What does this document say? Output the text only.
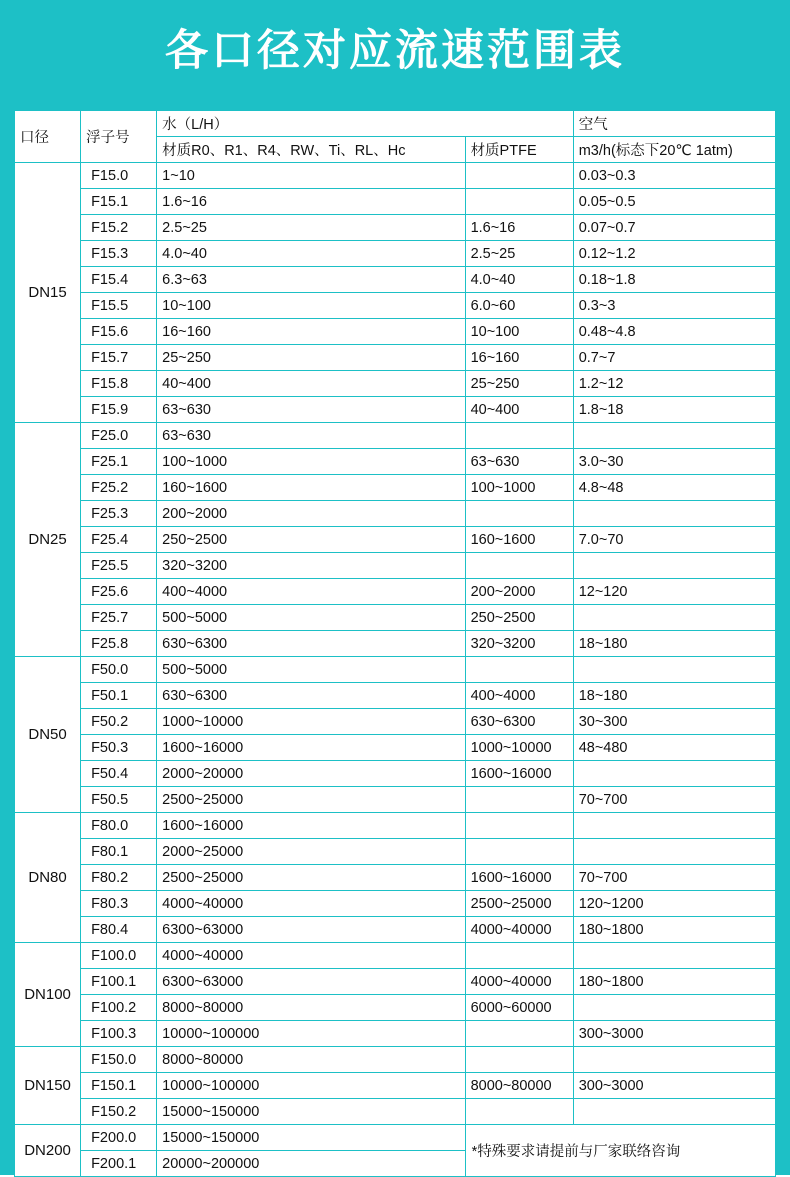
各口径对应流速范围表
口径	浮子号	水（L/H）		空气
		材质R0、R1、R4、RW、Ti、RL、Hc	材质PTFE	m3/h(标态下20℃ 1atm)
DN15	F15.0	1~10		0.03~0.3
	F15.1	1.6~16		0.05~0.5
	F15.2	2.5~25	1.6~16	0.07~0.7
	F15.3	4.0~40	2.5~25	0.12~1.2
	F15.4	6.3~63	4.0~40	0.18~1.8
	F15.5	10~100	6.0~60	0.3~3
	F15.6	16~160	10~100	0.48~4.8
	F15.7	25~250	16~160	0.7~7
	F15.8	40~400	25~250	1.2~12
	F15.9	63~630	40~400	1.8~18
DN25	F25.0	63~630		
	F25.1	100~1000	63~630	3.0~30
	F25.2	160~1600	100~1000	4.8~48
	F25.3	200~2000		
	F25.4	250~2500	160~1600	7.0~70
	F25.5	320~3200		
	F25.6	400~4000	200~2000	12~120
	F25.7	500~5000	250~2500	
	F25.8	630~6300	320~3200	18~180
DN50	F50.0	500~5000		
	F50.1	630~6300	400~4000	18~180
	F50.2	1000~10000	630~6300	30~300
	F50.3	1600~16000	1000~10000	48~480
	F50.4	2000~20000	1600~16000	
	F50.5	2500~25000		70~700
DN80	F80.0	1600~16000		
	F80.1	2000~25000		
	F80.2	2500~25000	1600~16000	70~700
	F80.3	4000~40000	2500~25000	120~1200
	F80.4	6300~63000	4000~40000	180~1800
DN100	F100.0	4000~40000		
	F100.1	6300~63000	4000~40000	180~1800
	F100.2	8000~80000	6000~60000	
	F100.3	10000~100000		300~3000
DN150	F150.0	8000~80000		
	F150.1	10000~100000	8000~80000	300~3000
	F150.2	15000~150000		
DN200	F200.0	15000~150000	*特殊要求请提前与厂家联络咨询	
	F200.1	20000~200000		
